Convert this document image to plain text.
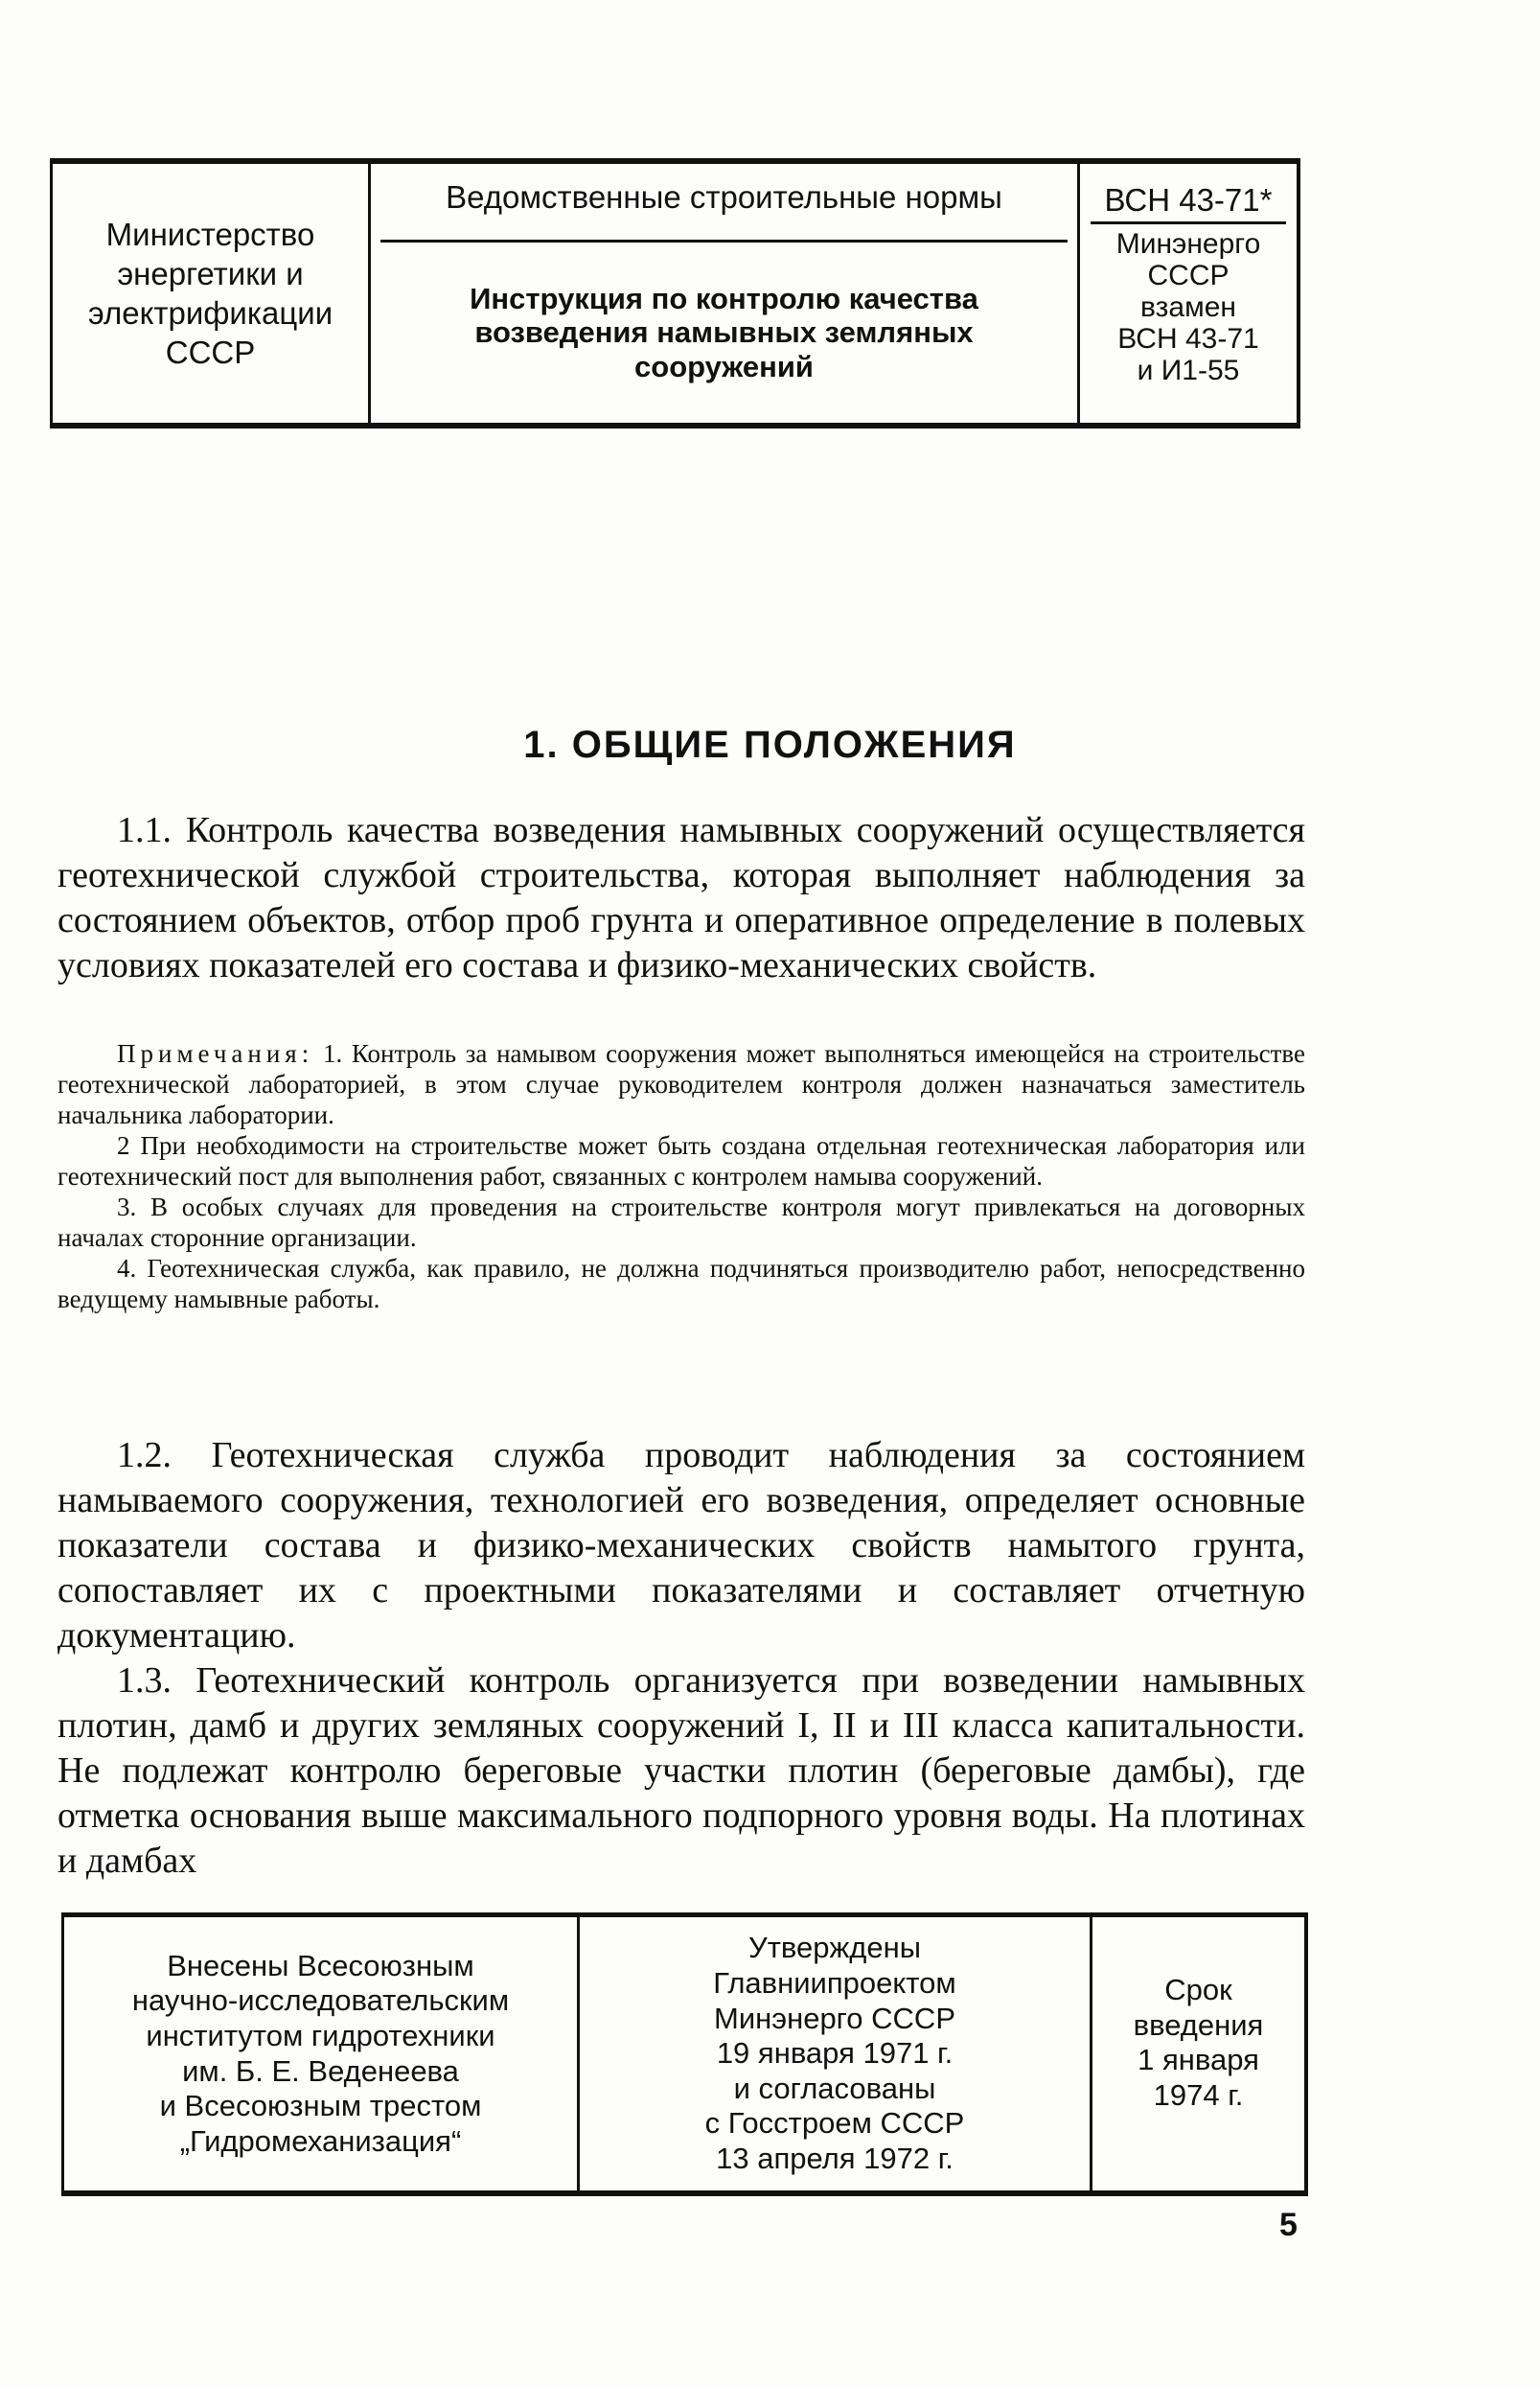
Министерство
энергетики и
электрификации
СССР
Ведомственные строительные нормы
Инструкция по контролю качества
возведения намывных земляных
сооружений
ВСН 43-71*
Минэнерго
СССР
взамен
ВСН 43-71
и И1-55
1. ОБЩИЕ ПОЛОЖЕНИЯ

1.1. Контроль качества возведения намывных сооружений осуществляется геотехнической службой строительства, которая выполняет наблюдения за состоянием объектов, отбор проб грунта и оперативное определение в полевых условиях показателей его состава и физико-механических свойств.

Примечания: 1. Контроль за намывом сооружения может выполняться имеющейся на строительстве геотехнической лабораторией, в этом случае руководителем контроля должен назначаться заместитель начальника лаборатории.

2 При необходимости на строительстве может быть создана отдельная геотехническая лаборатория или геотехнический пост для выполнения работ, связанных с контролем намыва сооружений.

3. В особых случаях для проведения на строительстве контроля могут привлекаться на договорных началах сторонние организации.

4. Геотехническая служба, как правило, не должна подчиняться производителю работ, непосредственно ведущему намывные работы.

1.2. Геотехническая служба проводит наблюдения за состоянием намываемого сооружения, технологией его возведения, определяет основные показатели состава и физико-механических свойств намытого грунта, сопоставляет их с проектными показателями и составляет отчетную документацию.

1.3. Геотехнический контроль организуется при возведении намывных плотин, дамб и других земляных сооружений I, II и III класса капитальности. Не подлежат контролю береговые участки плотин (береговые дамбы), где отметка основания выше максимального подпорного уровня воды. На плотинах и дамбах

Внесены Всесоюзным
научно-исследовательским
институтом гидротехники
им. Б. Е. Веденеева
и Всесоюзным трестом
„Гидромеханизация“
Утверждены
Главниипроектом
Минэнерго СССР
19 января 1971 г.
и согласованы
с Госстроем СССР
13 апреля 1972 г.
Срок
введения
1 января
1974 г.
5
